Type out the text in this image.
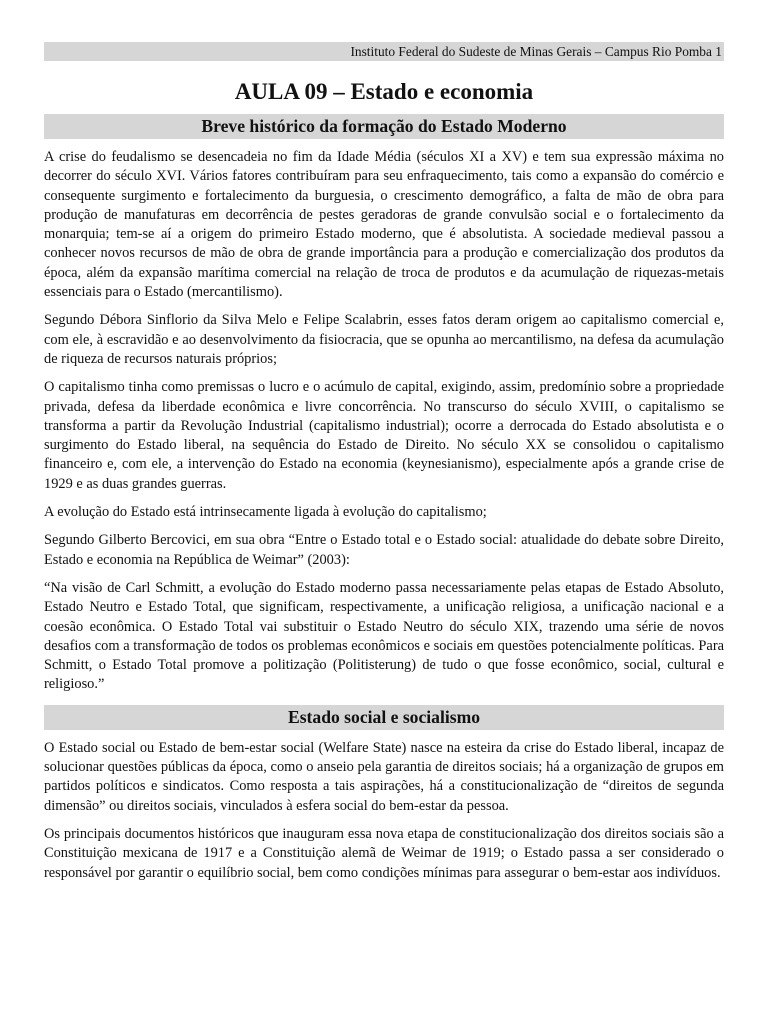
Instituto Federal do Sudeste de Minas Gerais – Campus Rio Pomba 1
AULA 09 – Estado e economia
Breve histórico da formação do Estado Moderno

A crise do feudalismo se desencadeia no fim da Idade Média (séculos XI a XV) e tem sua expressão máxima no decorrer do século XVI. Vários fatores contribuíram para seu enfraquecimento, tais como a expansão do comércio e consequente surgimento e fortalecimento da burguesia, o crescimento demográfico, a falta de mão de obra para produção de manufaturas em decorrência de pestes geradoras de grande convulsão social e o fortalecimento da monarquia; tem-se aí a origem do primeiro Estado moderno, que é absolutista. A sociedade medieval passou a conhecer novos recursos de mão de obra de grande importância para a produção e comercialização dos produtos da época, além da expansão marítima comercial na relação de troca de produtos e da acumulação de riquezas-metais essenciais para o Estado (mercantilismo).

Segundo Débora Sinflorio da Silva Melo e Felipe Scalabrin, esses fatos deram origem ao capitalismo comercial e, com ele, à escravidão e ao desenvolvimento da fisiocracia, que se opunha ao mercantilismo, na defesa da acumulação de riqueza de recursos naturais próprios;

O capitalismo tinha como premissas o lucro e o acúmulo de capital, exigindo, assim, predomínio sobre a propriedade privada, defesa da liberdade econômica e livre concorrência. No transcurso do século XVIII, o capitalismo se transforma a partir da Revolução Industrial (capitalismo industrial); ocorre a derrocada do Estado absolutista e o surgimento do Estado liberal, na sequência do Estado de Direito. No século XX se consolidou o capitalismo financeiro e, com ele, a intervenção do Estado na economia (keynesianismo), especialmente após a grande crise de 1929 e as duas grandes guerras.

A evolução do Estado está intrinsecamente ligada à evolução do capitalismo;

Segundo Gilberto Bercovici, em sua obra “Entre o Estado total e o Estado social: atualidade do debate sobre Direito, Estado e economia na República de Weimar” (2003):

“Na visão de Carl Schmitt, a evolução do Estado moderno passa necessariamente pelas etapas de Estado Absoluto, Estado Neutro e Estado Total, que significam, respectivamente, a unificação religiosa, a unificação nacional e a coesão econômica. O Estado Total vai substituir o Estado Neutro do século XIX, trazendo uma série de novos desafios com a transformação de todos os problemas econômicos e sociais em questões potencialmente políticas. Para Schmitt, o Estado Total promove a politização (Politisterung) de tudo o que fosse econômico, social, cultural e religioso.”

Estado social e socialismo

O Estado social ou Estado de bem-estar social (Welfare State) nasce na esteira da crise do Estado liberal, incapaz de solucionar questões públicas da época, como o anseio pela garantia de direitos sociais; há a organização de grupos em partidos políticos e sindicatos. Como resposta a tais aspirações, há a constitucionalização de “direitos de segunda dimensão” ou direitos sociais, vinculados à esfera social do bem-estar da pessoa.

Os principais documentos históricos que inauguram essa nova etapa de constitucionalização dos direitos sociais são a Constituição mexicana de 1917 e a Constituição alemã de Weimar de 1919; o Estado passa a ser considerado o responsável por garantir o equilíbrio social, bem como condições mínimas para assegurar o bem-estar aos indivíduos.
